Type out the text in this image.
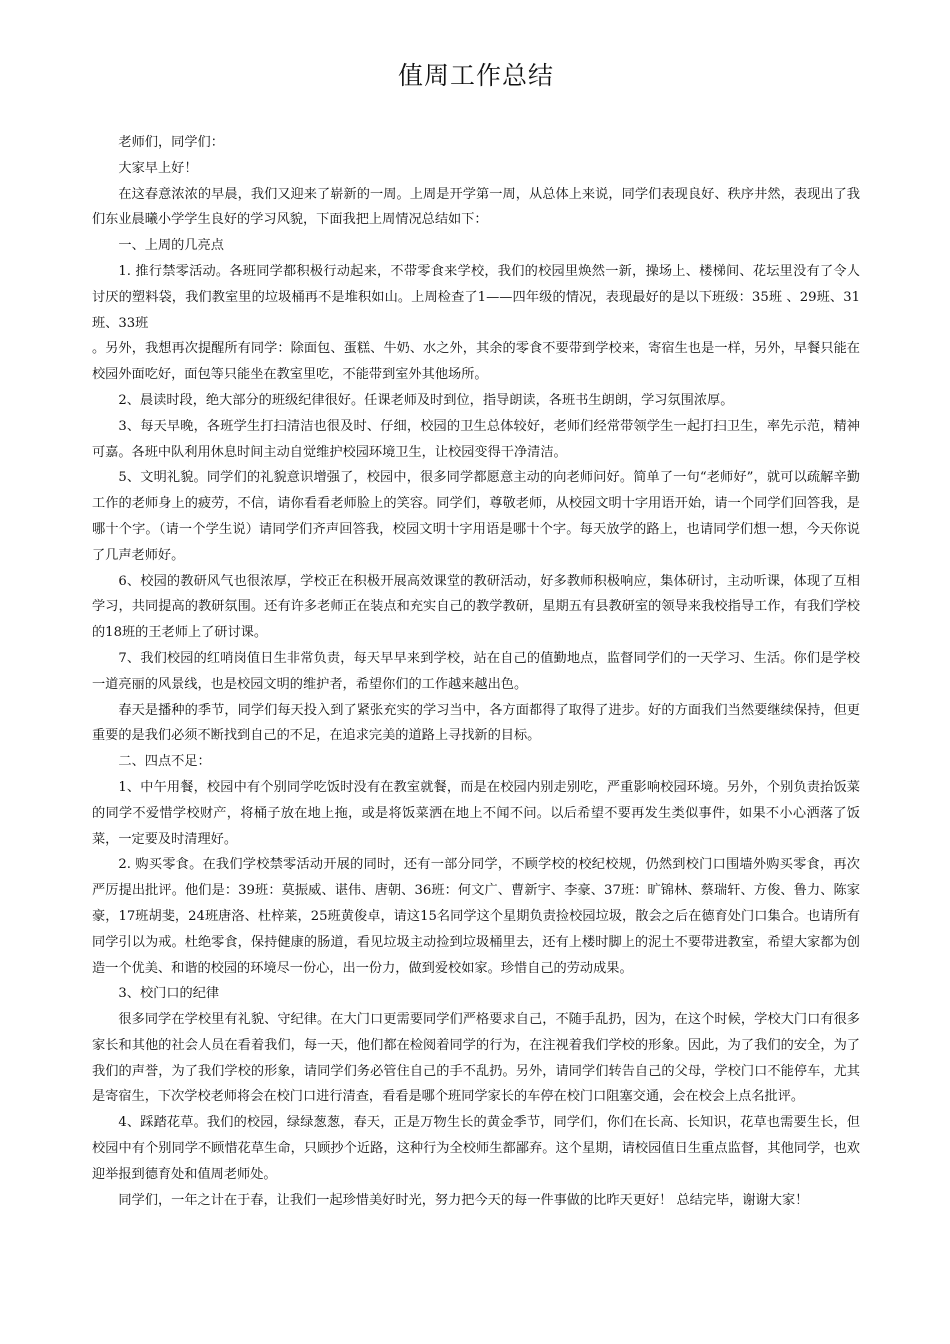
值周工作总结

老师们，同学们：

大家早上好！

在这春意浓浓的早晨，我们又迎来了崭新的一周。上周是开学第一周，从总体上来说，同学们表现良好、秩序井然，表现出了我们东业晨曦小学学生良好的学习风貌，下面我把上周情况总结如下：

一、上周的几亮点

1. 推行禁零活动。各班同学都积极行动起来，不带零食来学校，我们的校园里焕然一新，操场上、楼梯间、花坛里没有了令人讨厌的塑料袋，我们教室里的垃圾桶再不是堆积如山。上周检查了1——四年级的情况，表现最好的是以下班级：35班 、29班、31班、33班

。另外，我想再次提醒所有同学：除面包、蛋糕、牛奶、水之外，其余的零食不要带到学校来，寄宿生也是一样，另外，早餐只能在校园外面吃好，面包等只能坐在教室里吃，不能带到室外其他场所。

2、晨读时段，绝大部分的班级纪律很好。任课老师及时到位，指导朗读，各班书生朗朗，学习氛围浓厚。

3、每天早晚，各班学生打扫清洁也很及时、仔细，校园的卫生总体较好，老师们经常带领学生一起打扫卫生，率先示范，精神可嘉。各班中队利用休息时间主动自觉维护校园环境卫生，让校园变得干净清洁。

5、文明礼貌。同学们的礼貌意识增强了，校园中，很多同学都愿意主动的向老师问好。简单了一句“老师好”，就可以疏解辛勤工作的老师身上的疲劳，不信，请你看看老师脸上的笑容。同学们，尊敬老师，从校园文明十字用语开始，请一个同学们回答我，是哪十个字。（请一个学生说）请同学们齐声回答我，校园文明十字用语是哪十个字。每天放学的路上，也请同学们想一想，今天你说了几声老师好。

6、校园的教研风气也很浓厚，学校正在积极开展高效课堂的教研活动，好多教师积极响应，集体研讨，主动听课，体现了互相学习，共同提高的教研氛围。还有许多老师正在装点和充实自己的教学教研，星期五有县教研室的领导来我校指导工作，有我们学校的18班的王老师上了研讨课。

7、我们校园的红哨岗值日生非常负责，每天早早来到学校，站在自己的值勤地点，监督同学们的一天学习、生活。你们是学校一道亮丽的风景线，也是校园文明的维护者，希望你们的工作越来越出色。

春天是播种的季节，同学们每天投入到了紧张充实的学习当中，各方面都得了取得了进步。好的方面我们当然要继续保持，但更重要的是我们必须不断找到自己的不足，在追求完美的道路上寻找新的目标。

二、四点不足：

1、中午用餐，校园中有个别同学吃饭时没有在教室就餐，而是在校园内别走别吃，严重影响校园环境。另外，个别负责抬饭菜的同学不爱惜学校财产，将桶子放在地上拖，或是将饭菜洒在地上不闻不问。以后希望不要再发生类似事件，如果不小心洒落了饭菜，一定要及时清理好。

2. 购买零食。在我们学校禁零活动开展的同时，还有一部分同学，不顾学校的校纪校规，仍然到校门口围墙外购买零食，再次严厉提出批评。他们是：39班：莫振威、谌伟、唐朝、36班：何文广、曹新宇、李豪、37班：旷锦林、蔡瑞轩、方俊、鲁力、陈家豪，17班胡斐，24班唐洛、杜梓莱，25班黄俊卓，请这15名同学这个星期负责捡校园垃圾，散会之后在德育处门口集合。也请所有同学引以为戒。杜绝零食，保持健康的肠道，看见垃圾主动捡到垃圾桶里去，还有上楼时脚上的泥土不要带进教室，希望大家都为创造一个优美、和谐的校园的环境尽一份心，出一份力，做到爱校如家。珍惜自己的劳动成果。

3、校门口的纪律

很多同学在学校里有礼貌、守纪律。在大门口更需要同学们严格要求自己，不随手乱扔，因为，在这个时候，学校大门口有很多家长和其他的社会人员在看着我们，每一天，他们都在检阅着同学的行为，在注视着我们学校的形象。因此，为了我们的安全，为了我们的声誉，为了我们学校的形象，请同学们务必管住自己的手不乱扔。另外，请同学们转告自己的父母，学校门口不能停车，尤其是寄宿生，下次学校老师将会在校门口进行清查，看看是哪个班同学家长的车停在校门口阻塞交通，会在校会上点名批评。

4、踩踏花草。我们的校园，绿绿葱葱，春天，正是万物生长的黄金季节，同学们，你们在长高、长知识，花草也需要生长，但校园中有个别同学不顾惜花草生命，只顾抄个近路，这种行为全校师生都鄙弃。这个星期，请校园值日生重点监督，其他同学，也欢迎举报到德育处和值周老师处。

同学们，一年之计在于春，让我们一起珍惜美好时光，努力把今天的每一件事做的比昨天更好！ 总结完毕，谢谢大家！
